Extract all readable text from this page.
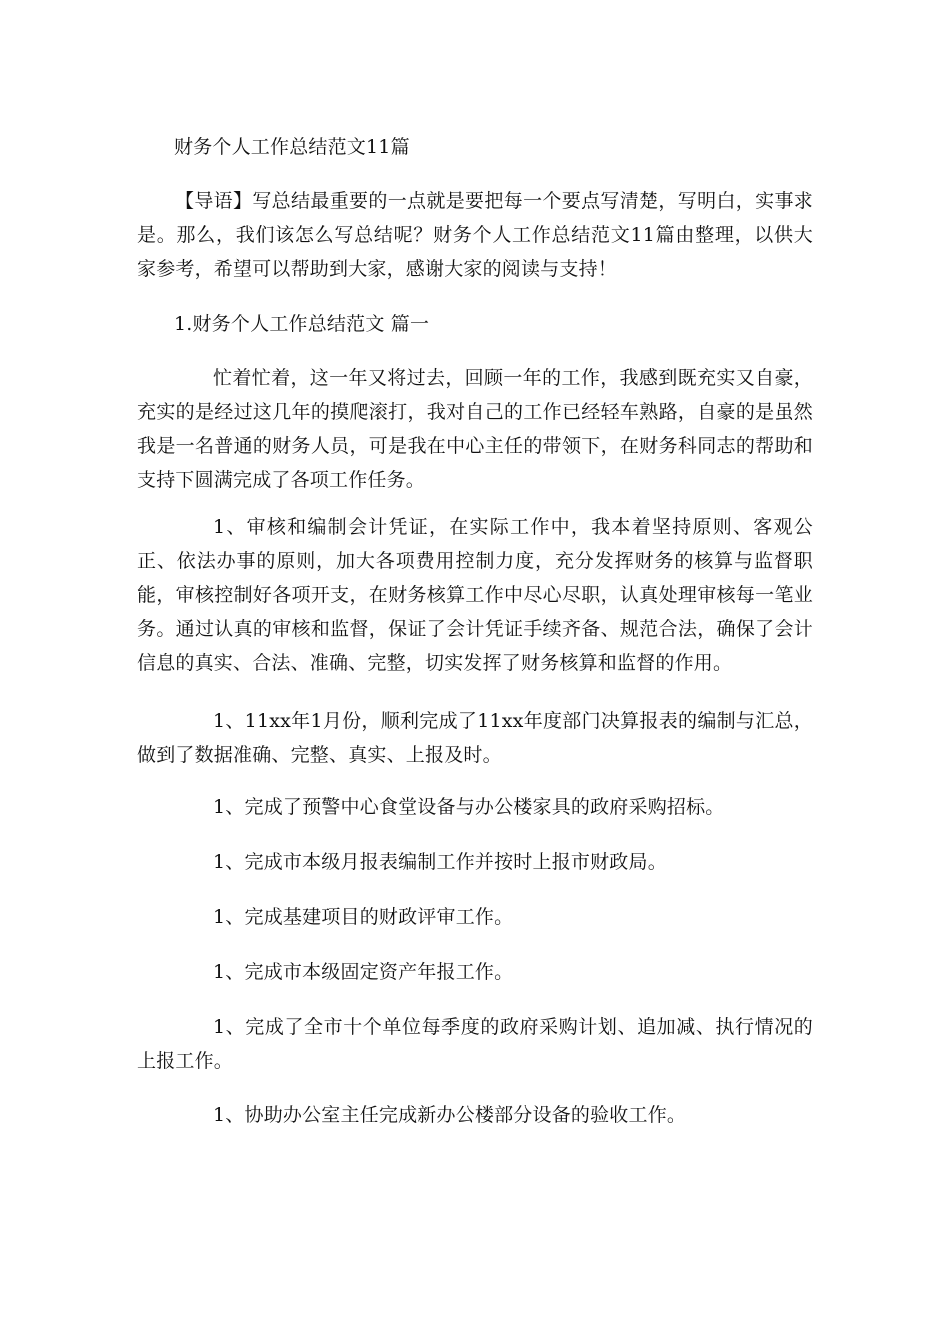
财务个人工作总结范文11篇

【导语】写总结最重要的一点就是要把每一个要点写清楚，写明白，实事求是。那么，我们该怎么写总结呢？财务个人工作总结范文11篇由整理，以供大家参考，希望可以帮助到大家，感谢大家的阅读与支持！

1.财务个人工作总结范文 篇一

忙着忙着，这一年又将过去，回顾一年的工作，我感到既充实又自豪，充实的是经过这几年的摸爬滚打，我对自己的工作已经轻车熟路，自豪的是虽然我是一名普通的财务人员，可是我在中心主任的带领下，在财务科同志的帮助和支持下圆满完成了各项工作任务。

1、审核和编制会计凭证，在实际工作中，我本着坚持原则、客观公正、依法办事的原则，加大各项费用控制力度，充分发挥财务的核算与监督职能，审核控制好各项开支，在财务核算工作中尽心尽职，认真处理审核每一笔业务。通过认真的审核和监督，保证了会计凭证手续齐备、规范合法，确保了会计信息的真实、合法、准确、完整，切实发挥了财务核算和监督的作用。

1、11xx年1月份，顺利完成了11xx年度部门决算报表的编制与汇总，做到了数据准确、完整、真实、上报及时。

1、完成了预警中心食堂设备与办公楼家具的政府采购招标。

1、完成市本级月报表编制工作并按时上报市财政局。

1、完成基建项目的财政评审工作。

1、完成市本级固定资产年报工作。

1、完成了全市十个单位每季度的政府采购计划、追加减、执行情况的上报工作。

1、协助办公室主任完成新办公楼部分设备的验收工作。
